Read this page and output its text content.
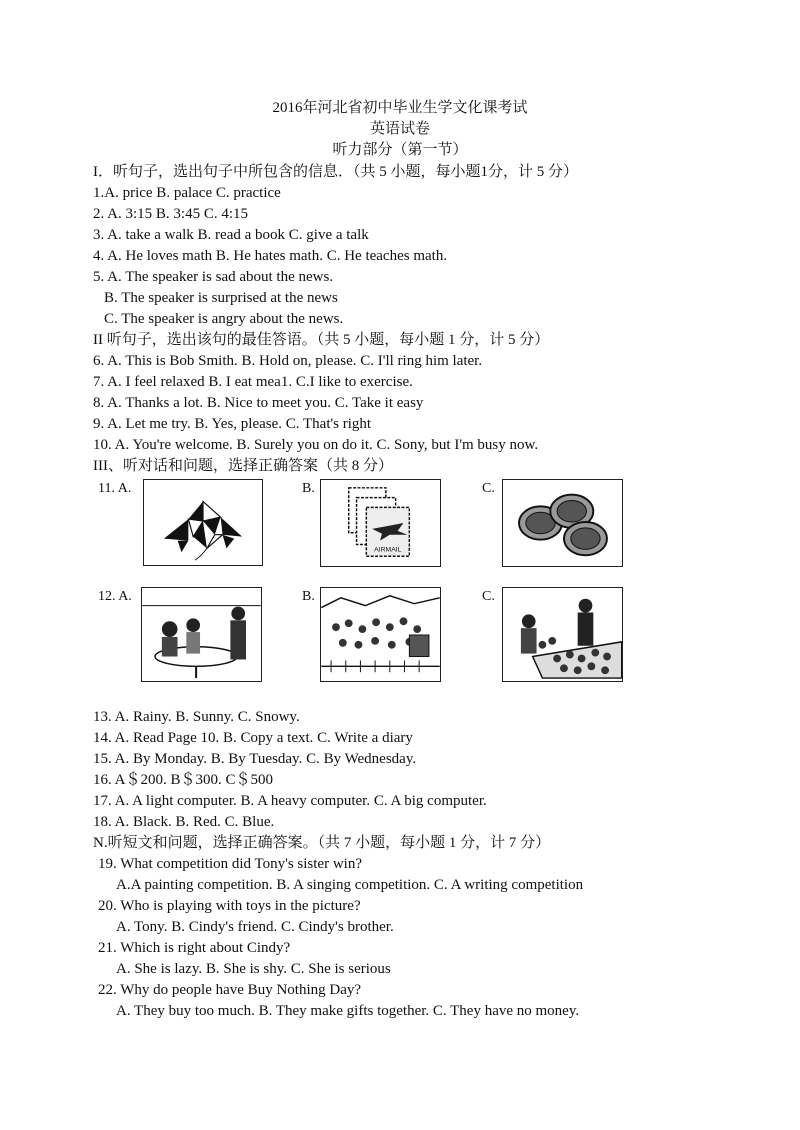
2016年河北省初中毕业生学文化课考试
英语试卷
听力部分（第一节）
I．听句子，选出句子中所包含的信息．（共 5 小题，每小题1分，计 5 分）
1.A. price B. palace C. practice
2. A. 3:15 B. 3:45 C. 4:15
3. A. take a walk B. read a book C. give a talk
4. A. He loves math B. He hates math. C. He teaches math.
5. A. The speaker is sad about the news.
B. The speaker is surprised at the news
C. The speaker is angry about the news.
II 听句子，选出该句的最佳答语。（共 5 小题，每小题 1 分，计 5 分）
6. A. This is Bob Smith. B. Hold on, please. C. I'll ring him later.
7. A. I feel relaxed B. I eat mea1. C.I like to exercise.
8. A. Thanks a lot. B. Nice to meet you. C. Take it easy
9. A. Let me try. B. Yes, please. C. That's right
10. A. You're welcome. B. Surely you on do it. C. Sony, but I'm busy now.
III、听对话和问题，选择正确答案（共 8 分）
11. A.	B.
AIRMAIL
C.
12. A.	B.	C.
13. A. Rainy. B. Sunny. C. Snowy.
14. A. Read Page 10. B. Copy a text. C. Write a diary
15. A. By Monday. B. By Tuesday. C. By Wednesday.
16. A＄200. B＄300. C＄500
17. A. A light computer. B. A heavy computer. C. A big computer.
18. A. Black. B. Red. C. Blue.
N.听短文和问题，选择正确答案。（共 7 小题，每小题 1 分，计 7 分）
19. What competition did Tony's sister win?
A.A painting competition. B. A singing competition. C. A writing competition
20. Who is playing with toys in the picture?
A. Tony. B. Cindy's friend. C. Cindy's brother.
21. Which is right about Cindy?
A. She is lazy. B. She is shy. C. She is serious
22. Why do people have Buy Nothing Day?
A. They buy too much. B. They make gifts together. C. They have no money.
